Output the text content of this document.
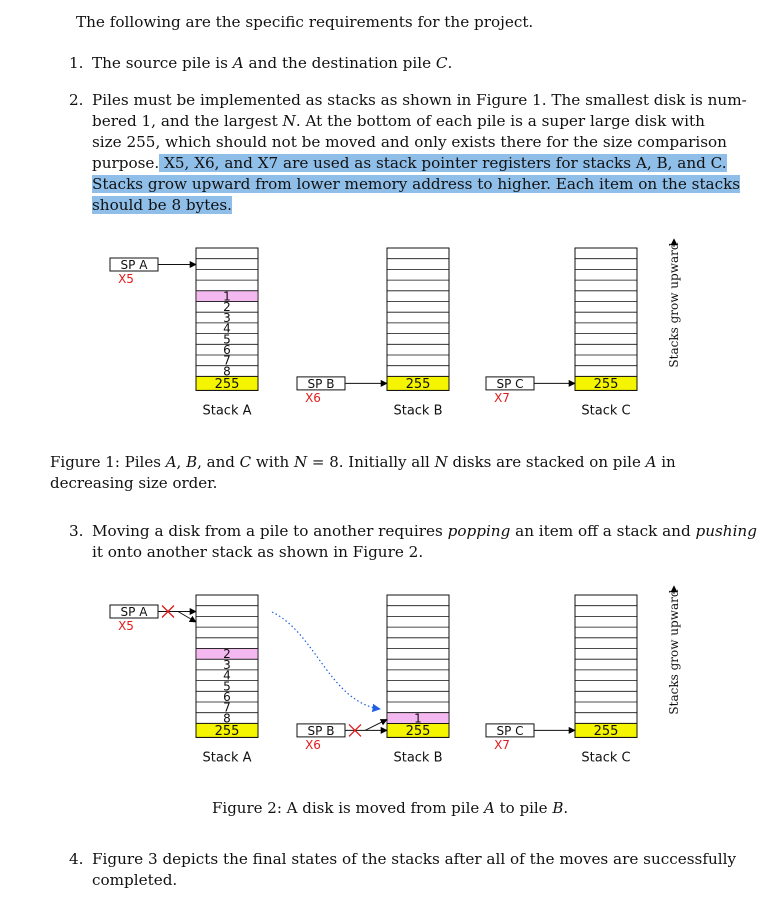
The following are the specific requirements for the project.
1. The source pile is A and the destination pile C.
2. Piles must be implemented as stacks as shown in Figure 1. The smallest disk is num-
bered 1, and the largest N. At the bottom of each pile is a super large disk with
size 255, which should not be moved and only exists there for the size comparison
purpose. X5, X6, and X7 are used as stack pointer registers for stacks A, B, and C.
Stacks grow upward from lower memory address to higher. Each item on the stacks
should be 8 bytes.
255
1
2
3
4
5
6
7
8
Stack A
255
Stack B
255
Stack C
SP A
X5
SP B
X6
SP C
X7
Stacks grow upward
Figure 1: Piles A, B, and C with N = 8. Initially all N disks are stacked on pile A in
decreasing size order.
3. Moving a disk from a pile to another requires popping an item off a stack and pushing
it onto another stack as shown in Figure 2.
255
2
3
4
5
6
7
8
Stack A
255
1
Stack B
255
Stack C
SP A
X5
SP B
X6
SP C
X7
Stacks grow upward
Figure 2: A disk is moved from pile A to pile B.
4. Figure 3 depicts the final states of the stacks after all of the moves are successfully
completed.
